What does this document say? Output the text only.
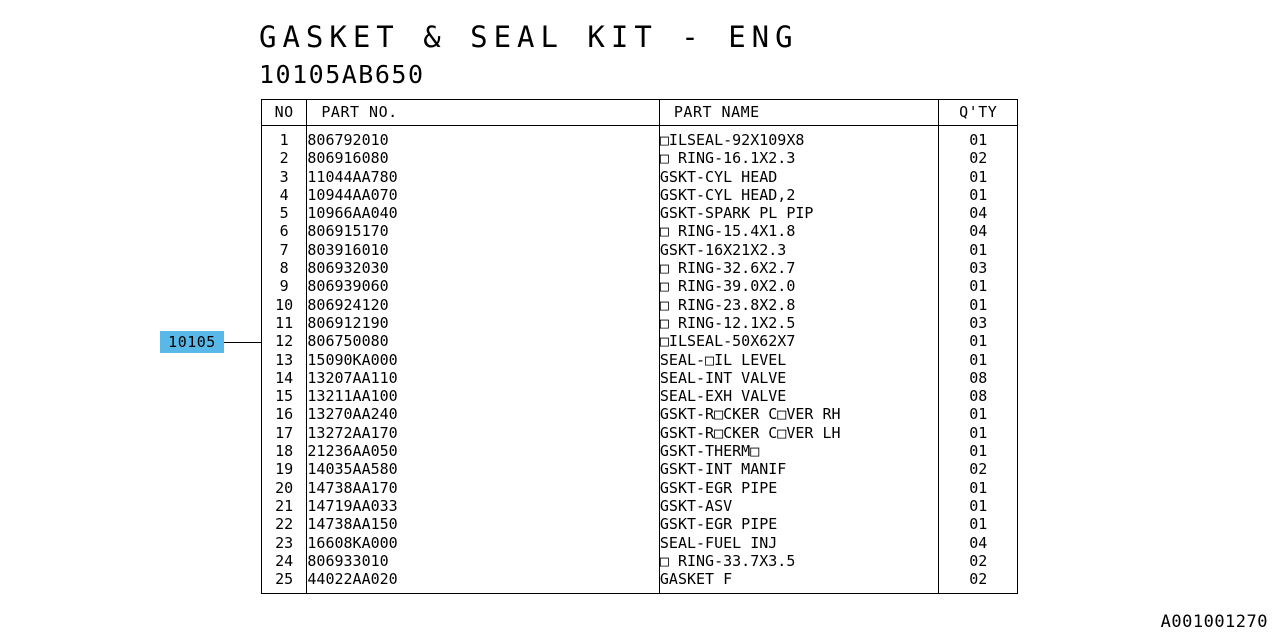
GASKET & SEAL KIT - ENG
10105AB650
10105
NO	PART NO.	PART NAME	Q'TY
1	806792010	□ILSEAL-92X109X8	01
2	806916080	□ RING-16.1X2.3	02
3	11044AA780	GSKT-CYL HEAD	01
4	10944AA070	GSKT-CYL HEAD,2	01
5	10966AA040	GSKT-SPARK PL PIP	04
6	806915170	□ RING-15.4X1.8	04
7	803916010	GSKT-16X21X2.3	01
8	806932030	□ RING-32.6X2.7	03
9	806939060	□ RING-39.0X2.0	01
10	806924120	□ RING-23.8X2.8	01
11	806912190	□ RING-12.1X2.5	03
12	806750080	□ILSEAL-50X62X7	01
13	15090KA000	SEAL-□IL LEVEL	01
14	13207AA110	SEAL-INT VALVE	08
15	13211AA100	SEAL-EXH VALVE	08
16	13270AA240	GSKT-R□CKER C□VER RH	01
17	13272AA170	GSKT-R□CKER C□VER LH	01
18	21236AA050	GSKT-THERM□	01
19	14035AA580	GSKT-INT MANIF	02
20	14738AA170	GSKT-EGR PIPE	01
21	14719AA033	GSKT-ASV	01
22	14738AA150	GSKT-EGR PIPE	01
23	16608KA000	SEAL-FUEL INJ	04
24	806933010	□ RING-33.7X3.5	02
25	44022AA020	GASKET F	02
A001001270
